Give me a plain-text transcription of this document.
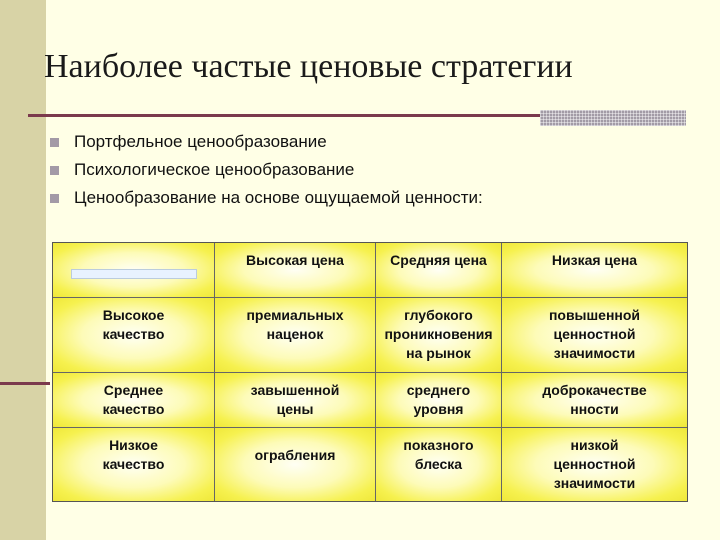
Наиболее частые ценовые стратегии
Портфельное ценообразование
Психологическое ценообразование
Ценообразование на основе ощущаемой ценности:
Высокая цена	Средняя цена	Низкая цена
Высокое
качество
премиальных
наценок
глубокого
проникновения
на рынок
повышенной
ценностной
значимости
Среднее
качество
завышенной
цены
среднего
уровня
доброкачестве
нности
Низкое
качество
ограбления
показного
блеска
низкой
ценностной
значимости
